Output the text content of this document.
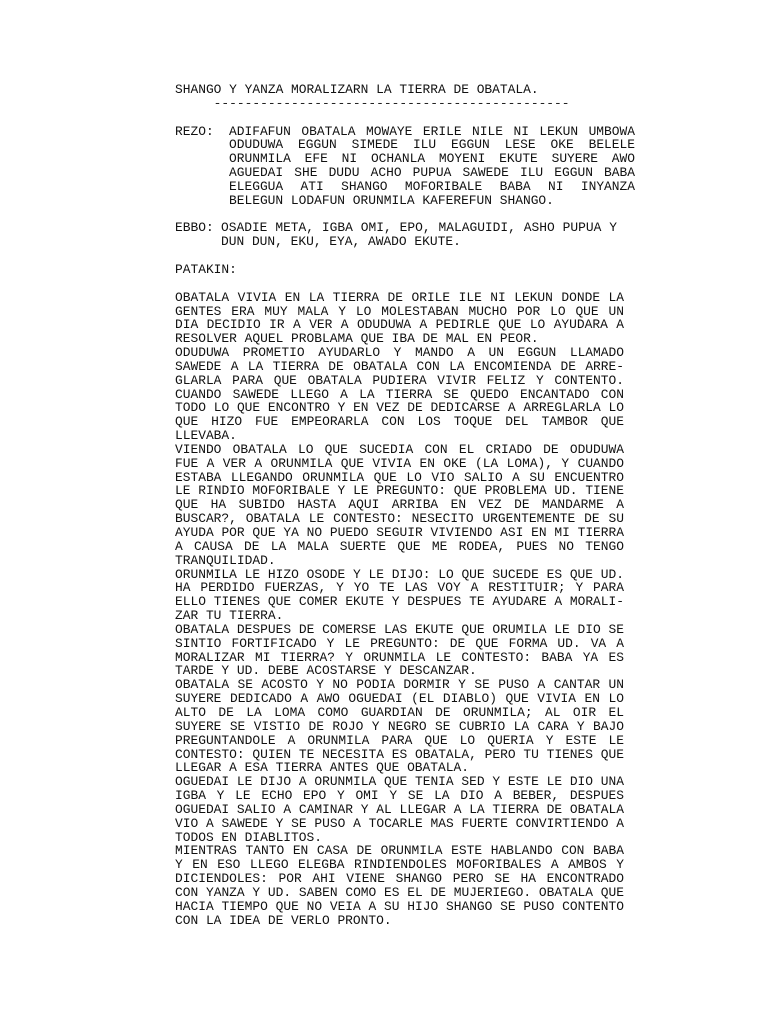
SHANGO Y YANZA MORALIZARN LA TIERRA DE OBATALA.
----------------------------------------------
REZO:	ADIFAFUN OBATALA MOWAYE ERILE NILE NI LEKUN UMBOWA
ODUDUWA EGGUN SIMEDE ILU EGGUN LESE OKE BELELE
ORUNMILA EFE NI OCHANLA MOYENI EKUTE SUYERE AWO
AGUEDAI SHE DUDU ACHO PUPUA SAWEDE ILU EGGUN BABA
ELEGGUA ATI SHANGO MOFORIBALE BABA NI INYANZA
BELEGUN LODAFUN ORUNMILA KAFEREFUN SHANGO.
EBBO: OSADIE META, IGBA OMI, EPO, MALAGUIDI, ASHO PUPUA Y
DUN DUN, EKU, EYA, AWADO EKUTE.
PATAKIN:
OBATALA VIVIA EN LA TIERRA DE ORILE ILE NI LEKUN DONDE LA
GENTES ERA MUY MALA Y LO MOLESTABAN MUCHO POR LO QUE UN
DIA DECIDIO IR A VER A ODUDUWA A PEDIRLE QUE LO AYUDARA A
RESOLVER AQUEL PROBLAMA QUE IBA DE MAL EN PEOR.
ODUDUWA PROMETIO AYUDARLO Y MANDO A UN EGGUN LLAMADO
SAWEDE A LA TIERRA DE OBATALA CON LA ENCOMIENDA DE ARRE-
GLARLA PARA QUE OBATALA PUDIERA VIVIR FELIZ Y CONTENTO.
CUANDO SAWEDE LLEGO A LA TIERRA SE QUEDO ENCANTADO CON
TODO LO QUE ENCONTRO Y EN VEZ DE DEDICARSE A ARREGLARLA LO
QUE HIZO FUE EMPEORARLA CON LOS TOQUE DEL TAMBOR QUE
LLEVABA.
VIENDO OBATALA LO QUE SUCEDIA CON EL CRIADO DE ODUDUWA
FUE A VER A ORUNMILA QUE VIVIA EN OKE (LA LOMA), Y CUANDO
ESTABA LLEGANDO ORUNMILA QUE LO VIO SALIO A SU ENCUENTRO
LE RINDIO MOFORIBALE Y LE PREGUNTO: QUE PROBLEMA UD. TIENE
QUE HA SUBIDO HASTA AQUI ARRIBA EN VEZ DE MANDARME A
BUSCAR?, OBATALA LE CONTESTO: NESECITO URGENTEMENTE DE SU
AYUDA POR QUE YA NO PUEDO SEGUIR VIVIENDO ASI EN MI TIERRA
A CAUSA DE LA MALA SUERTE QUE ME RODEA, PUES NO TENGO
TRANQUILIDAD.
ORUNMILA LE HIZO OSODE Y LE DIJO: LO QUE SUCEDE ES QUE UD.
HA PERDIDO FUERZAS, Y YO TE LAS VOY A RESTITUIR; Y PARA
ELLO TIENES QUE COMER EKUTE Y DESPUES TE AYUDARE A MORALI-
ZAR TU TIERRA.
OBATALA DESPUES DE COMERSE LAS EKUTE QUE ORUMILA LE DIO SE
SINTIO FORTIFICADO Y LE PREGUNTO: DE QUE FORMA UD. VA A
MORALIZAR MI TIERRA? Y ORUNMILA LE CONTESTO: BABA YA ES
TARDE Y UD. DEBE ACOSTARSE Y DESCANZAR.
OBATALA SE ACOSTO Y NO PODIA DORMIR Y SE PUSO A CANTAR UN
SUYERE DEDICADO A AWO OGUEDAI (EL DIABLO) QUE VIVIA EN LO
ALTO DE LA LOMA COMO GUARDIAN DE ORUNMILA; AL OIR EL
SUYERE SE VISTIO DE ROJO Y NEGRO SE CUBRIO LA CARA Y BAJO
PREGUNTANDOLE A ORUNMILA PARA QUE LO QUERIA Y ESTE LE
CONTESTO: QUIEN TE NECESITA ES OBATALA, PERO TU TIENES QUE
LLEGAR A ESA TIERRA ANTES QUE OBATALA.
OGUEDAI LE DIJO A ORUNMILA QUE TENIA SED Y ESTE LE DIO UNA
IGBA Y LE ECHO EPO Y OMI Y SE LA DIO A BEBER, DESPUES
OGUEDAI SALIO A CAMINAR Y AL LLEGAR A LA TIERRA DE OBATALA
VIO A SAWEDE Y SE PUSO A TOCARLE MAS FUERTE CONVIRTIENDO A
TODOS EN DIABLITOS.
MIENTRAS TANTO EN CASA DE ORUNMILA ESTE HABLANDO CON BABA
Y EN ESO LLEGO ELEGBA RINDIENDOLES MOFORIBALES A AMBOS Y
DICIENDOLES: POR AHI VIENE SHANGO PERO SE HA ENCONTRADO
CON YANZA Y UD. SABEN COMO ES EL DE MUJERIEGO. OBATALA QUE
HACIA TIEMPO QUE NO VEIA A SU HIJO SHANGO SE PUSO CONTENTO
CON LA IDEA DE VERLO PRONTO.
